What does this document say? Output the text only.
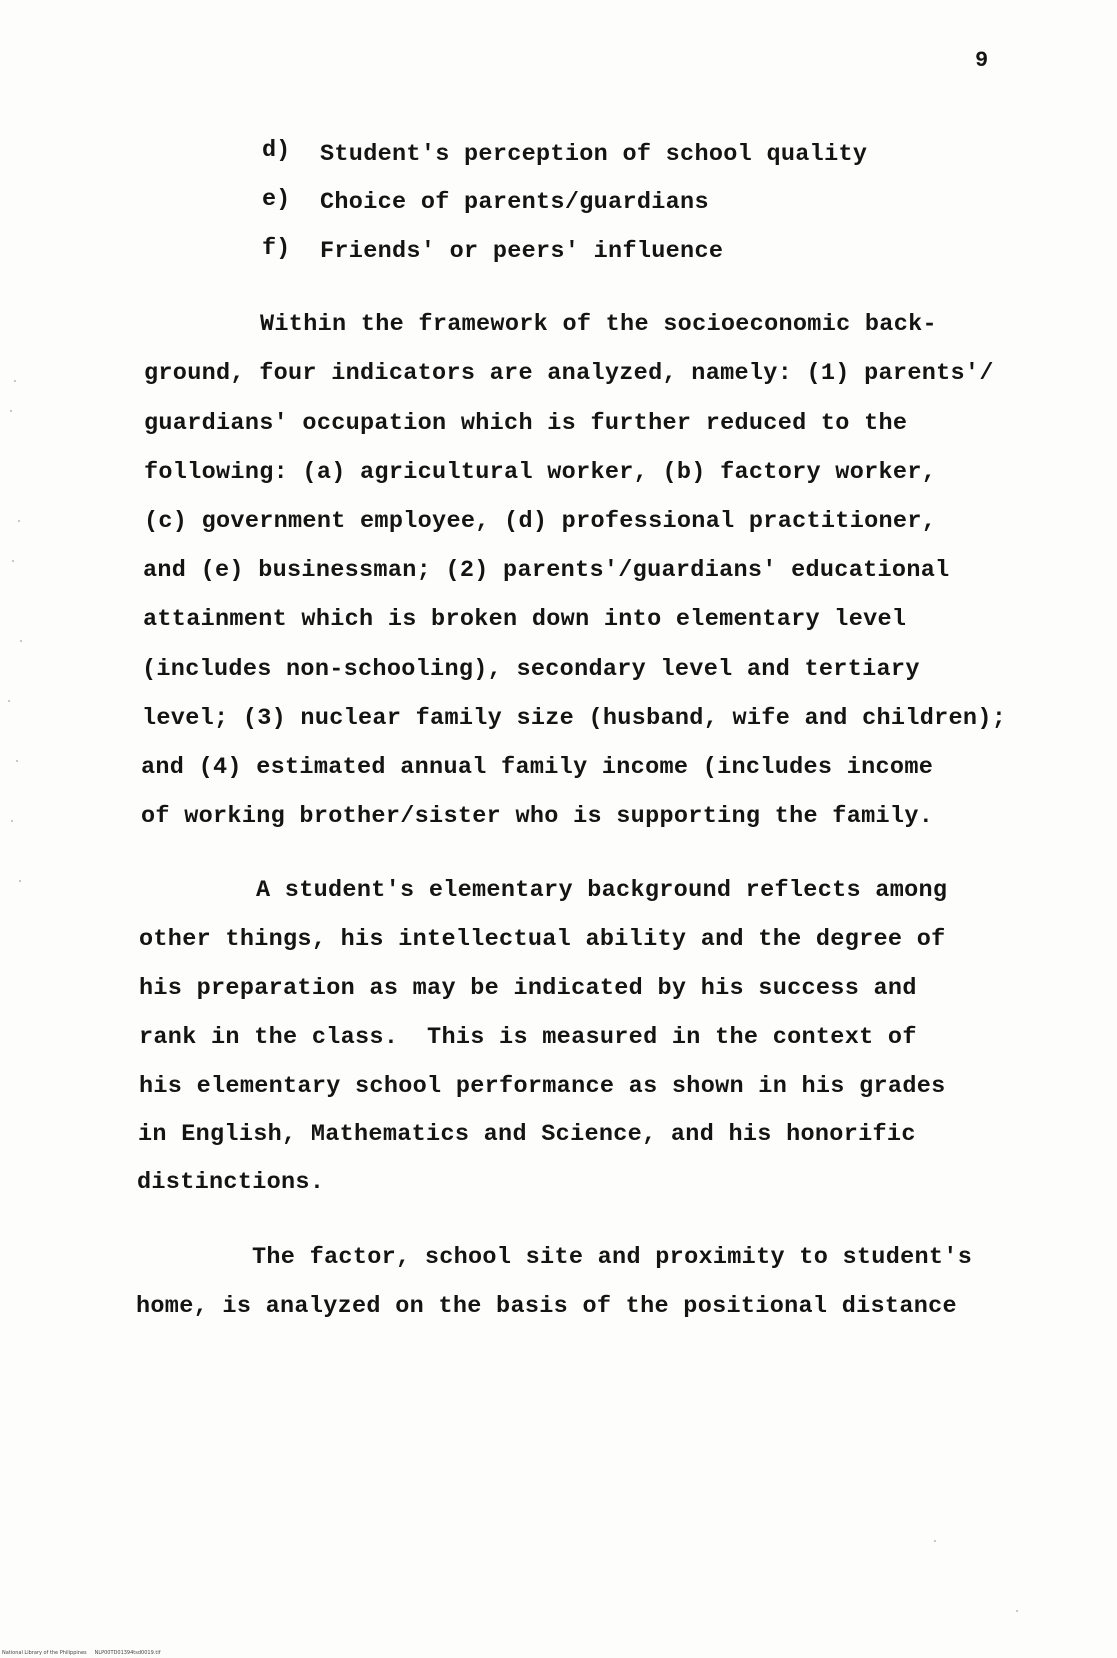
9
d) Student's perception of school quality
e) Choice of parents/guardians
f) Friends' or peers' influence
Within the framework of the socioeconomic back-
ground, four indicators are analyzed, namely: (1) parents'/
guardians' occupation which is further reduced to the
following: (a) agricultural worker, (b) factory worker,
(c) government employee, (d) professional practitioner,
and (e) businessman; (2) parents'/guardians' educational
attainment which is broken down into elementary level
(includes non-schooling), secondary level and tertiary
level; (3) nuclear family size (husband, wife and children);
and (4) estimated annual family income (includes income
of working brother/sister who is supporting the family.
A student's elementary background reflects among
other things, his intellectual ability and the degree of
his preparation as may be indicated by his success and
rank in the class.  This is measured in the context of
his elementary school performance as shown in his grades
in English, Mathematics and Science, and his honorific
distinctions.
The factor, school site and proximity to student's
home, is analyzed on the basis of the positional distance
National Library of the Philippines     NLP00TD01394tsd0019.tif
